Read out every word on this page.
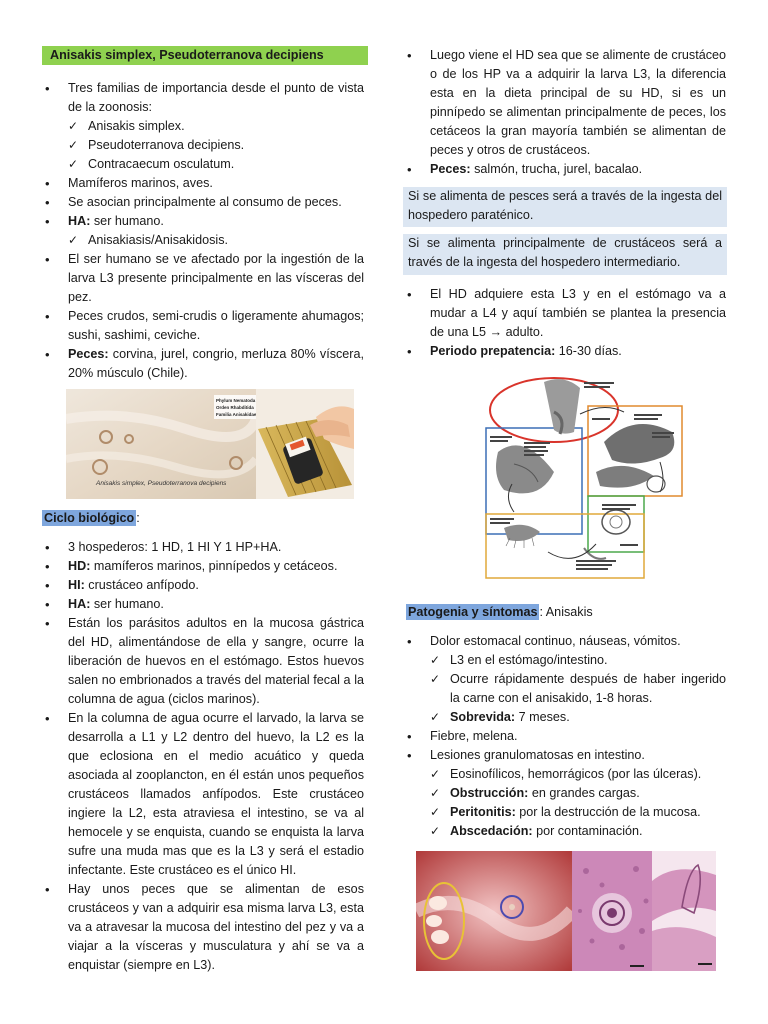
Anisakis simplex, Pseudoterranova decipiens
• Tres familias de importancia desde el punto de vista de la zoonosis:
✓ Anisakis simplex.
✓ Pseudoterranova decipiens.
✓ Contracaecum osculatum.
• Mamíferos marinos, aves.
• Se asocian principalmente al consumo de peces.
• HA: ser humano.
✓ Anisakiasis/Anisakidosis.
• El ser humano se ve afectado por la ingestión de la larva L3 presente principalmente en las vísceras del pez.
• Peces crudos, semi-crudis o ligeramente ahumagos; sushi, sashimi, ceviche.
• Peces: corvina, jurel, congrio, merluza 80% víscera, 20% músculo (Chile).
Phylum Nematoda
Orden Rhabditida
Familia Anisakidae
Anisakis simplex, Pseudoterranova decipiens
Ciclo biológico :
• 3 hospederos: 1 HD, 1 HI Y 1 HP+HA.
• HD: mamíferos marinos, pinnípedos y cetáceos.
• HI: crustáceo anfípodo.
• HA: ser humano.
• Están los parásitos adultos en la mucosa gástrica del HD, alimentándose de ella y sangre, ocurre la liberación de huevos en el estómago. Estos huevos salen no embrionados a través del material fecal a la columna de agua (ciclos marinos).
• En la columna de agua ocurre el larvado, la larva se desarrolla a L1 y L2 dentro del huevo, la L2 es la que eclosiona en el medio acuático y queda asociada al zooplancton, en él están unos pequeños crustáceos llamados anfípodos. Este crustáceo ingiere la L2, esta atraviesa el intestino, se va al hemocele y se enquista, cuando se enquista la larva sufre una muda mas que es la L3 y será el estadio infectante. Este crustáceo es el único HI.
• Hay unos peces que se alimentan de esos crustáceos y van a adquirir esa misma larva L3, esta va a atravesar la mucosa del intestino del pez y va a viajar a la vísceras y musculatura y ahí se va a enquistar (siempre en L3).
• Luego viene el HD sea que se alimente de crustáceo o de los HP va a adquirir la larva L3, la diferencia esta en la dieta principal de su HD, si es un pinnípedo se alimentan principalmente de peces, los cetáceos la gran mayoría también se alimentan de peces y otros de crustáceos.
• Peces: salmón, trucha, jurel, bacalao.
Si se alimenta de pesces será a través de la ingesta del hospedero paraténico.
Si se alimenta principalmente de crustáceos será a través de la ingesta del hospedero intermediario.
• El HD adquiere esta L3 y en el estómago va a mudar a L4 y aquí también se plantea la presencia de una L5 → adulto.
• Periodo prepatencia: 16-30 días.
Patogenia y síntomas : Anisakis
• Dolor estomacal continuo, náuseas, vómitos.
✓ L3 en el estómago/intestino.
✓ Ocurre rápidamente después de haber ingerido la carne con el anisakido, 1-8 horas.
✓ Sobrevida: 7 meses.
• Fiebre, melena.
• Lesiones granulomatosas en intestino.
✓ Eosinofílicos, hemorrágicos (por las úlceras).
✓ Obstrucción: en grandes cargas.
✓ Peritonitis: por la destrucción de la mucosa.
✓ Abscedación: por contaminación.
